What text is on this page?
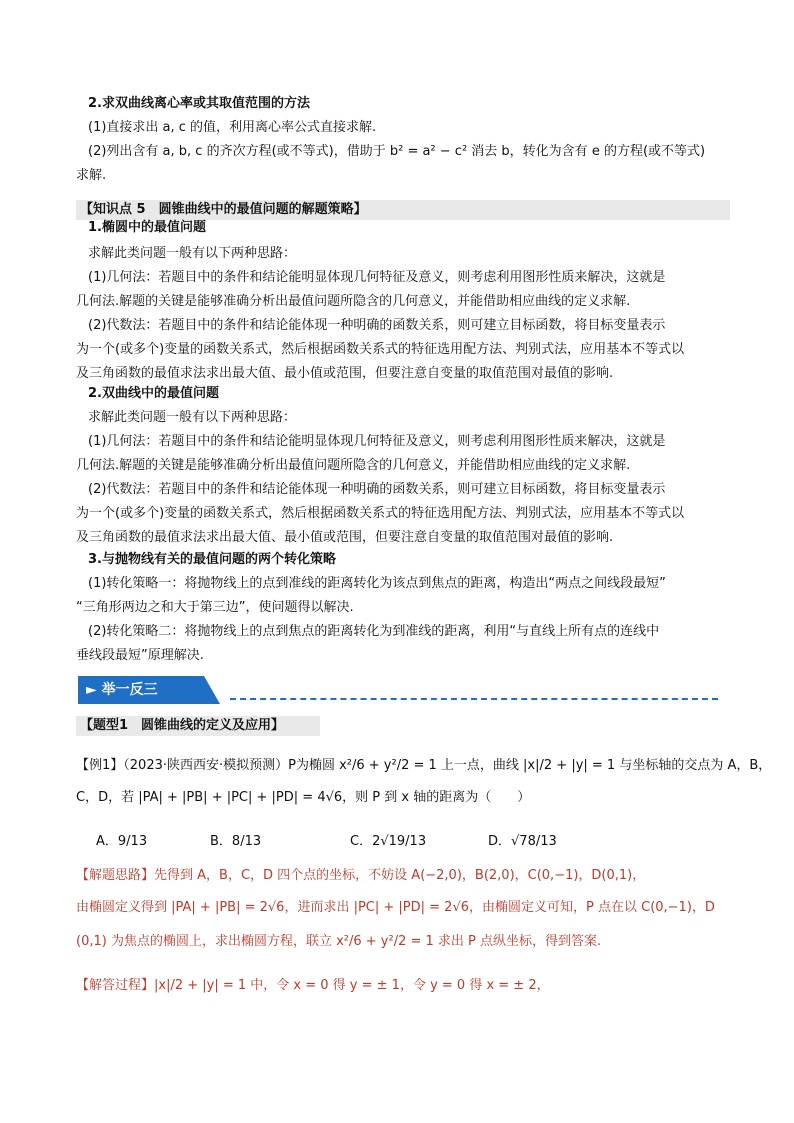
2.求双曲线离心率或其取值范围的方法
(1)直接求出 a, c 的值，利用离心率公式直接求解.
(2)列出含有 a, b, c 的齐次方程(或不等式)，借助于 b² = a² − c² 消去 b，转化为含有 e 的方程(或不等式)
求解.
【知识点 5　圆锥曲线中的最值问题的解题策略】
1.椭圆中的最值问题
求解此类问题一般有以下两种思路：
(1)几何法：若题目中的条件和结论能明显体现几何特征及意义，则考虑利用图形性质来解决，这就是
几何法.解题的关键是能够准确分析出最值问题所隐含的几何意义，并能借助相应曲线的定义求解.
(2)代数法：若题目中的条件和结论能体现一种明确的函数关系，则可建立目标函数，将目标变量表示
为一个(或多个)变量的函数关系式，然后根据函数关系式的特征选用配方法、判别式法，应用基本不等式以
及三角函数的最值求法求出最大值、最小值或范围，但要注意自变量的取值范围对最值的影响.
2.双曲线中的最值问题
求解此类问题一般有以下两种思路：
(1)几何法：若题目中的条件和结论能明显体现几何特征及意义，则考虑利用图形性质来解决，这就是
几何法.解题的关键是能够准确分析出最值问题所隐含的几何意义，并能借助相应曲线的定义求解.
(2)代数法：若题目中的条件和结论能体现一种明确的函数关系，则可建立目标函数，将目标变量表示
为一个(或多个)变量的函数关系式，然后根据函数关系式的特征选用配方法、判别式法，应用基本不等式以
及三角函数的最值求法求出最大值、最小值或范围，但要注意自变量的取值范围对最值的影响.
3.与抛物线有关的最值问题的两个转化策略
(1)转化策略一：将抛物线上的点到准线的距离转化为该点到焦点的距离，构造出“两点之间线段最短”
“三角形两边之和大于第三边”，使问题得以解决.
(2)转化策略二：将抛物线上的点到焦点的距离转化为到准线的距离，利用“与直线上所有点的连线中
垂线段最短”原理解决.
► 举一反三
【题型1　圆锥曲线的定义及应用】
【例1】（2023·陕西西安·模拟预测）P为椭圆 x²/6 + y²/2 = 1 上一点，曲线 |x|/2 + |y| = 1 与坐标轴的交点为 A，B，
C，D，若 |PA| + |PB| + |PC| + |PD| = 4√6，则 P 到 x 轴的距离为（　　）
A．9/13	B．8/13	C．2√19/13	D．√78/13
【解题思路】先得到 A，B，C，D 四个点的坐标，不妨设 A(−2,0)，B(2,0)，C(0,−1)，D(0,1)，
由椭圆定义得到 |PA| + |PB| = 2√6，进而求出 |PC| + |PD| = 2√6，由椭圆定义可知，P 点在以 C(0,−1)，D
(0,1) 为焦点的椭圆上，求出椭圆方程，联立 x²/6 + y²/2 = 1 求出 P 点纵坐标，得到答案.
【解答过程】|x|/2 + |y| = 1 中，令 x = 0 得 y = ± 1，令 y = 0 得 x = ± 2，
